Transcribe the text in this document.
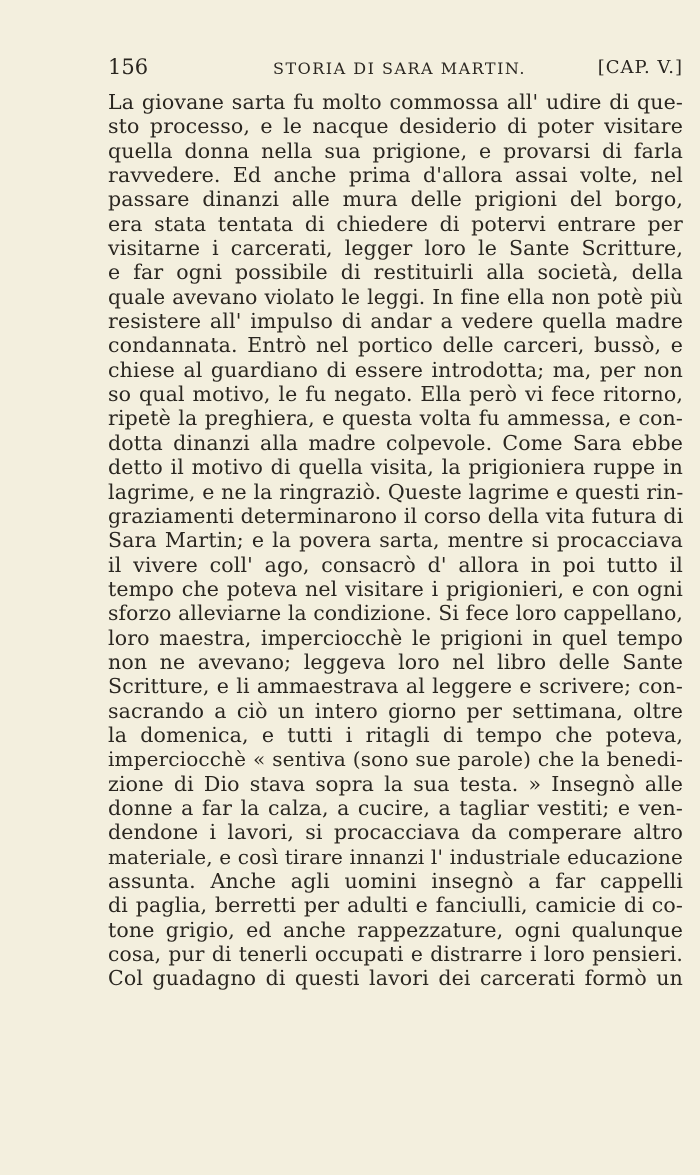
156	STORIA DI SARA MARTIN.	[CAP. V.]
La giovane sarta fu molto commossa all' udire di que-
sto processo, e le nacque desiderio di poter visitare
quella donna nella sua prigione, e provarsi di farla
ravvedere. Ed anche prima d'allora assai volte, nel
passare dinanzi alle mura delle prigioni del borgo,
era stata tentata di chiedere di potervi entrare per
visitarne i carcerati, legger loro le Sante Scritture,
e far ogni possibile di restituirli alla società, della
quale avevano violato le leggi. In fine ella non potè più
resistere all' impulso di andar a vedere quella madre
condannata. Entrò nel portico delle carceri, bussò, e
chiese al guardiano di essere introdotta; ma, per non
so qual motivo, le fu negato. Ella però vi fece ritorno,
ripetè la preghiera, e questa volta fu ammessa, e con-
dotta dinanzi alla madre colpevole. Come Sara ebbe
detto il motivo di quella visita, la prigioniera ruppe in
lagrime, e ne la ringraziò. Queste lagrime e questi rin-
graziamenti determinarono il corso della vita futura di
Sara Martin; e la povera sarta, mentre si procacciava
il vivere coll' ago, consacrò d' allora in poi tutto il
tempo che poteva nel visitare i prigionieri, e con ogni
sforzo alleviarne la condizione. Si fece loro cappellano,
loro maestra, imperciocchè le prigioni in quel tempo
non ne avevano; leggeva loro nel libro delle Sante
Scritture, e li ammaestrava al leggere e scrivere; con-
sacrando a ciò un intero giorno per settimana, oltre
la domenica, e tutti i ritagli di tempo che poteva,
imperciocchè « sentiva (sono sue parole) che la benedi-
zione di Dio stava sopra la sua testa. » Insegnò alle
donne a far la calza, a cucire, a tagliar vestiti; e ven-
dendone i lavori, si procacciava da comperare altro
materiale, e così tirare innanzi l' industriale educazione
assunta. Anche agli uomini insegnò a far cappelli
di paglia, berretti per adulti e fanciulli, camicie di co-
tone grigio, ed anche rappezzature, ogni qualunque
cosa, pur di tenerli occupati e distrarre i loro pensieri.
Col guadagno di questi lavori dei carcerati formò un
